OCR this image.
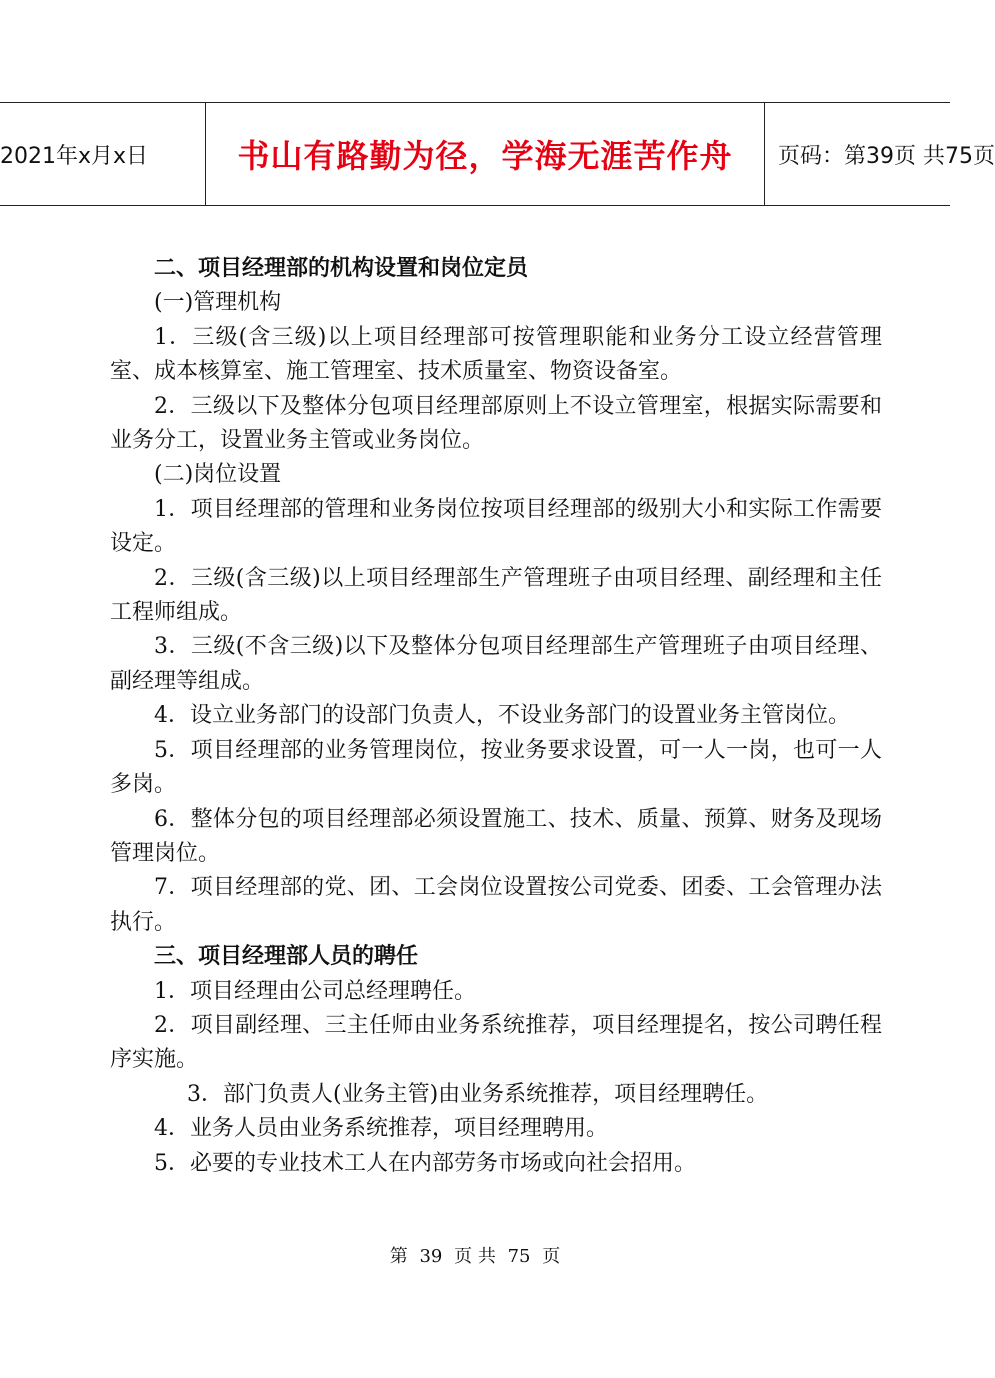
2021年x月x日	书山有路勤为径，学海无涯苦作舟	页码：第39页 共75页

二、项目经理部的机构设置和岗位定员

(一)管理机构

1．三级(含三级)以上项目经理部可按管理职能和业务分工设立经营管理室、成本核算室、施工管理室、技术质量室、物资设备室。

2．三级以下及整体分包项目经理部原则上不设立管理室，根据实际需要和业务分工，设置业务主管或业务岗位。

(二)岗位设置

1．项目经理部的管理和业务岗位按项目经理部的级别大小和实际工作需要设定。

2．三级(含三级)以上项目经理部生产管理班子由项目经理、副经理和主任工程师组成。

3．三级(不含三级)以下及整体分包项目经理部生产管理班子由项目经理、副经理等组成。

4．设立业务部门的设部门负责人，不设业务部门的设置业务主管岗位。

5．项目经理部的业务管理岗位，按业务要求设置，可一人一岗，也可一人多岗。

6．整体分包的项目经理部必须设置施工、技术、质量、预算、财务及现场管理岗位。

7．项目经理部的党、团、工会岗位设置按公司党委、团委、工会管理办法执行。

三、项目经理部人员的聘任

1．项目经理由公司总经理聘任。

2．项目副经理、三主任师由业务系统推荐，项目经理提名，按公司聘任程序实施。

3．部门负责人(业务主管)由业务系统推荐，项目经理聘任。

4．业务人员由业务系统推荐，项目经理聘用。

5．必要的专业技术工人在内部劳务市场或向社会招用。

第 39 页 共 75 页
